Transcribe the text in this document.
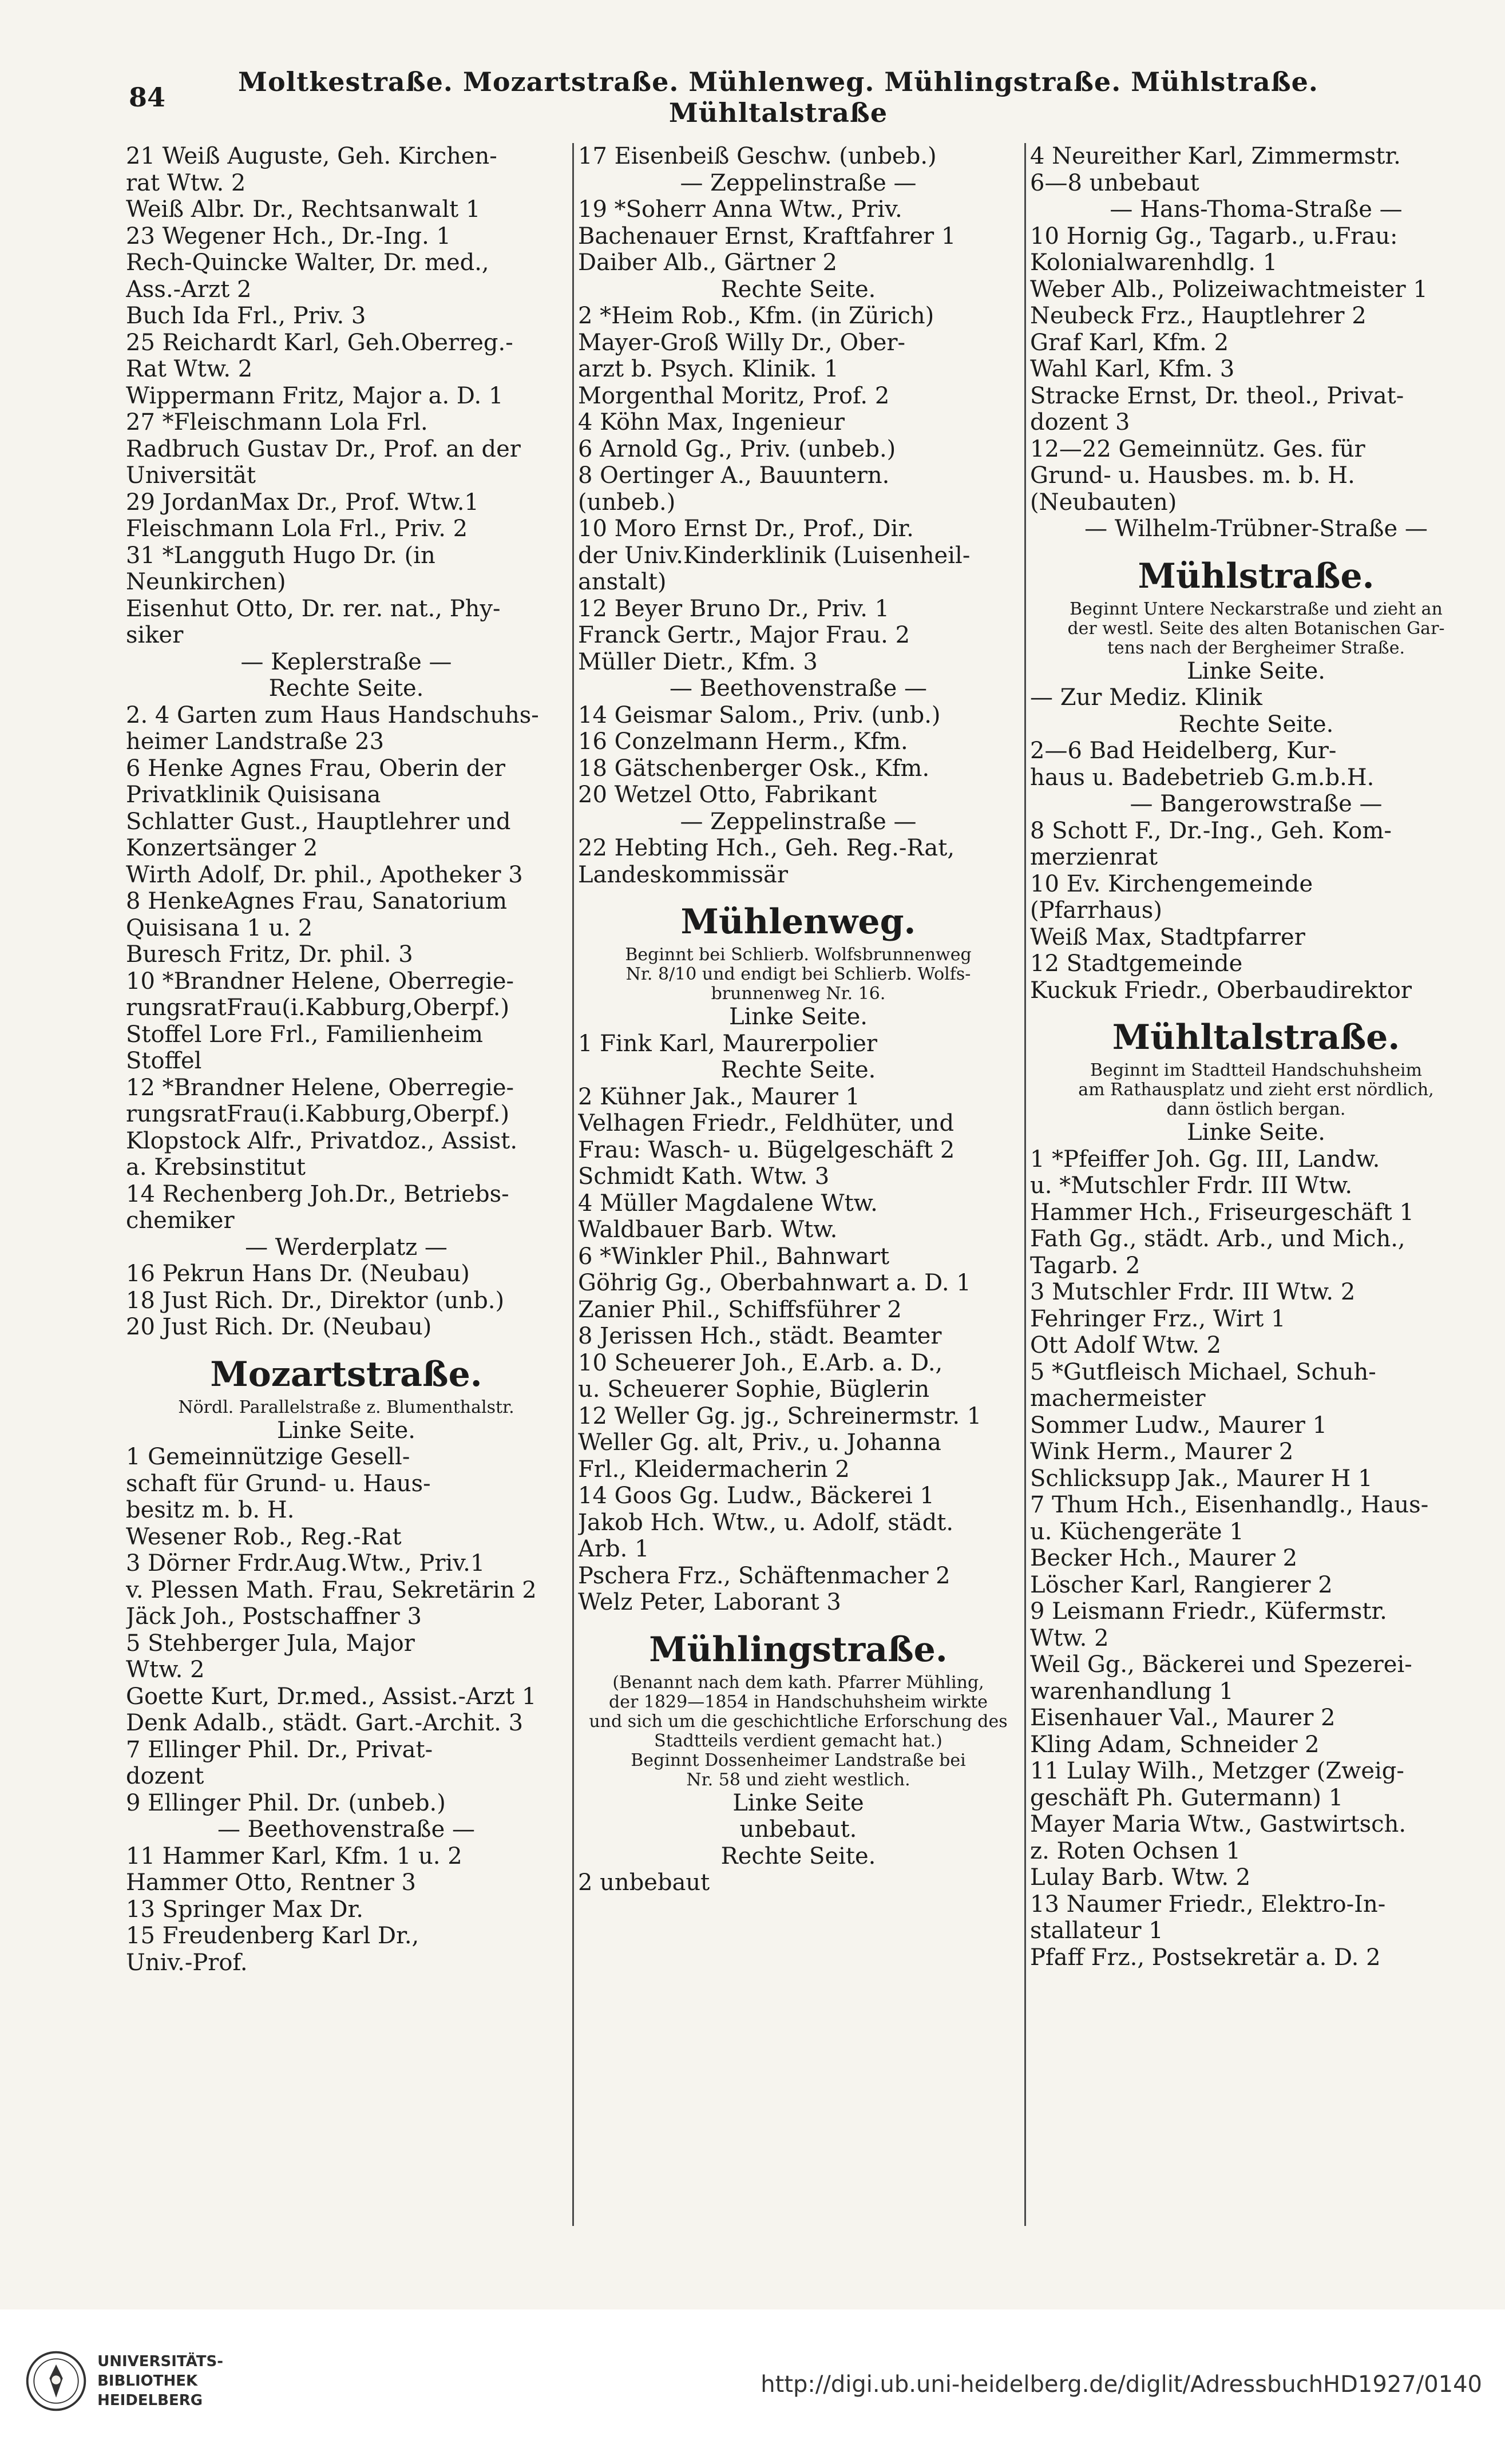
84	Moltkestraße. Mozartstraße. Mühlenweg. Mühlingstraße. Mühlstraße. Mühltalstraße
21 Weiß Auguste, Geh. Kirchen-
rat Wtw. 2
Weiß Albr. Dr., Rechtsanwalt 1
23 Wegener Hch., Dr.-Ing. 1
Rech-Quincke Walter, Dr. med.,
Ass.-Arzt 2
Buch Ida Frl., Priv. 3
25 Reichardt Karl, Geh.Oberreg.-
Rat Wtw. 2
Wippermann Fritz, Major a. D. 1
27 *Fleischmann Lola Frl.
Radbruch Gustav Dr., Prof. an der
Universität
29 JordanMax Dr., Prof. Wtw.1
Fleischmann Lola Frl., Priv. 2
31 *Langguth Hugo Dr. (in
Neunkirchen)
Eisenhut Otto, Dr. rer. nat., Phy-
siker
— Keplerstraße —
Rechte Seite.
2. 4 Garten zum Haus Handschuhs-
heimer Landstraße 23
6 Henke Agnes Frau, Oberin der
Privatklinik Quisisana
Schlatter Gust., Hauptlehrer und
Konzertsänger 2
Wirth Adolf, Dr. phil., Apotheker 3
8 HenkeAgnes Frau, Sanatorium
Quisisana 1 u. 2
Buresch Fritz, Dr. phil. 3
10 *Brandner Helene, Oberregie-
rungsratFrau(i.Kabburg,Oberpf.)
Stoffel Lore Frl., Familienheim
Stoffel
12 *Brandner Helene, Oberregie-
rungsratFrau(i.Kabburg,Oberpf.)
Klopstock Alfr., Privatdoz., Assist.
a. Krebsinstitut
14 Rechenberg Joh.Dr., Betriebs-
chemiker
— Werderplatz —
16 Pekrun Hans Dr. (Neubau)
18 Just Rich. Dr., Direktor (unb.)
20 Just Rich. Dr. (Neubau)
Mozartstraße.
Nördl. Parallelstraße z. Blumenthalstr.
Linke Seite.
1 Gemeinnützige Gesell-
schaft für Grund- u. Haus-
besitz m. b. H.
Wesener Rob., Reg.-Rat
3 Dörner Frdr.Aug.Wtw., Priv.1
v. Plessen Math. Frau, Sekretärin 2
Jäck Joh., Postschaffner 3
5 Stehberger Jula, Major
Wtw. 2
Goette Kurt, Dr.med., Assist.-Arzt 1
Denk Adalb., städt. Gart.-Archit. 3
7 Ellinger Phil. Dr., Privat-
dozent
9 Ellinger Phil. Dr. (unbeb.)
— Beethovenstraße —
11 Hammer Karl, Kfm. 1 u. 2
Hammer Otto, Rentner 3
13 Springer Max Dr.
15 Freudenberg Karl Dr.,
Univ.-Prof.
17 Eisenbeiß Geschw. (unbeb.)
— Zeppelinstraße —
19 *Soherr Anna Wtw., Priv.
Bachenauer Ernst, Kraftfahrer 1
Daiber Alb., Gärtner 2
Rechte Seite.
2 *Heim Rob., Kfm. (in Zürich)
Mayer-Groß Willy Dr., Ober-
arzt b. Psych. Klinik. 1
Morgenthal Moritz, Prof. 2
4 Köhn Max, Ingenieur
6 Arnold Gg., Priv. (unbeb.)
8 Oertinger A., Bauuntern.
(unbeb.)
10 Moro Ernst Dr., Prof., Dir.
der Univ.Kinderklinik (Luisenheil-
anstalt)
12 Beyer Bruno Dr., Priv. 1
Franck Gertr., Major Frau. 2
Müller Dietr., Kfm. 3
— Beethovenstraße —
14 Geismar Salom., Priv. (unb.)
16 Conzelmann Herm., Kfm.
18 Gätschenberger Osk., Kfm.
20 Wetzel Otto, Fabrikant
— Zeppelinstraße —
22 Hebting Hch., Geh. Reg.-Rat,
Landeskommissär
Mühlenweg.
Beginnt bei Schlierb. Wolfsbrunnenweg
Nr. 8/10 und endigt bei Schlierb. Wolfs-
brunnenweg Nr. 16.
Linke Seite.
1 Fink Karl, Maurerpolier
Rechte Seite.
2 Kühner Jak., Maurer 1
Velhagen Friedr., Feldhüter, und
Frau: Wasch- u. Bügelgeschäft 2
Schmidt Kath. Wtw. 3
4 Müller Magdalene Wtw.
Waldbauer Barb. Wtw.
6 *Winkler Phil., Bahnwart
Göhrig Gg., Oberbahnwart a. D. 1
Zanier Phil., Schiffsführer 2
8 Jerissen Hch., städt. Beamter
10 Scheuerer Joh., E.Arb. a. D.,
u. Scheuerer Sophie, Büglerin
12 Weller Gg. jg., Schreinermstr. 1
Weller Gg. alt, Priv., u. Johanna
Frl., Kleidermacherin 2
14 Goos Gg. Ludw., Bäckerei 1
Jakob Hch. Wtw., u. Adolf, städt.
Arb. 1
Pschera Frz., Schäftenmacher 2
Welz Peter, Laborant 3
Mühlingstraße.
(Benannt nach dem kath. Pfarrer Mühling,
der 1829—1854 in Handschuhsheim wirkte
und sich um die geschichtliche Erforschung des
Stadtteils verdient gemacht hat.)
Beginnt Dossenheimer Landstraße bei
Nr. 58 und zieht westlich.
Linke Seite
unbebaut.
Rechte Seite.
2 unbebaut
4 Neureither Karl, Zimmermstr.
6—8 unbebaut
— Hans-Thoma-Straße —
10 Hornig Gg., Tagarb., u.Frau:
Kolonialwarenhdlg. 1
Weber Alb., Polizeiwachtmeister 1
Neubeck Frz., Hauptlehrer 2
Graf Karl, Kfm. 2
Wahl Karl, Kfm. 3
Stracke Ernst, Dr. theol., Privat-
dozent 3
12—22 Gemeinnütz. Ges. für
Grund- u. Hausbes. m. b. H.
(Neubauten)
— Wilhelm-Trübner-Straße —
Mühlstraße.
Beginnt Untere Neckarstraße und zieht an
der westl. Seite des alten Botanischen Gar-
tens nach der Bergheimer Straße.
Linke Seite.
— Zur Mediz. Klinik
Rechte Seite.
2—6 Bad Heidelberg, Kur-
haus u. Badebetrieb G.m.b.H.
— Bangerowstraße —
8 Schott F., Dr.-Ing., Geh. Kom-
merzienrat
10 Ev. Kirchengemeinde
(Pfarrhaus)
Weiß Max, Stadtpfarrer
12 Stadtgemeinde
Kuckuk Friedr., Oberbaudirektor
Mühltalstraße.
Beginnt im Stadtteil Handschuhsheim
am Rathausplatz und zieht erst nördlich,
dann östlich bergan.
Linke Seite.
1 *Pfeiffer Joh. Gg. III, Landw.
u. *Mutschler Frdr. III Wtw.
Hammer Hch., Friseurgeschäft 1
Fath Gg., städt. Arb., und Mich.,
Tagarb. 2
3 Mutschler Frdr. III Wtw. 2
Fehringer Frz., Wirt 1
Ott Adolf Wtw. 2
5 *Gutfleisch Michael, Schuh-
machermeister
Sommer Ludw., Maurer 1
Wink Herm., Maurer 2
Schlicksupp Jak., Maurer H 1
7 Thum Hch., Eisenhandlg., Haus-
u. Küchengeräte 1
Becker Hch., Maurer 2
Löscher Karl, Rangierer 2
9 Leismann Friedr., Küfermstr.
Wtw. 2
Weil Gg., Bäckerei und Spezerei-
warenhandlung 1
Eisenhauer Val., Maurer 2
Kling Adam, Schneider 2
11 Lulay Wilh., Metzger (Zweig-
geschäft Ph. Gutermann) 1
Mayer Maria Wtw., Gastwirtsch.
z. Roten Ochsen 1
Lulay Barb. Wtw. 2
13 Naumer Friedr., Elektro-In-
stallateur 1
Pfaff Frz., Postsekretär a. D. 2
UNIVERSITÄTS-
BIBLIOTHEK
HEIDELBERG
http://digi.ub.uni-heidelberg.de/diglit/AdressbuchHD1927/0140
